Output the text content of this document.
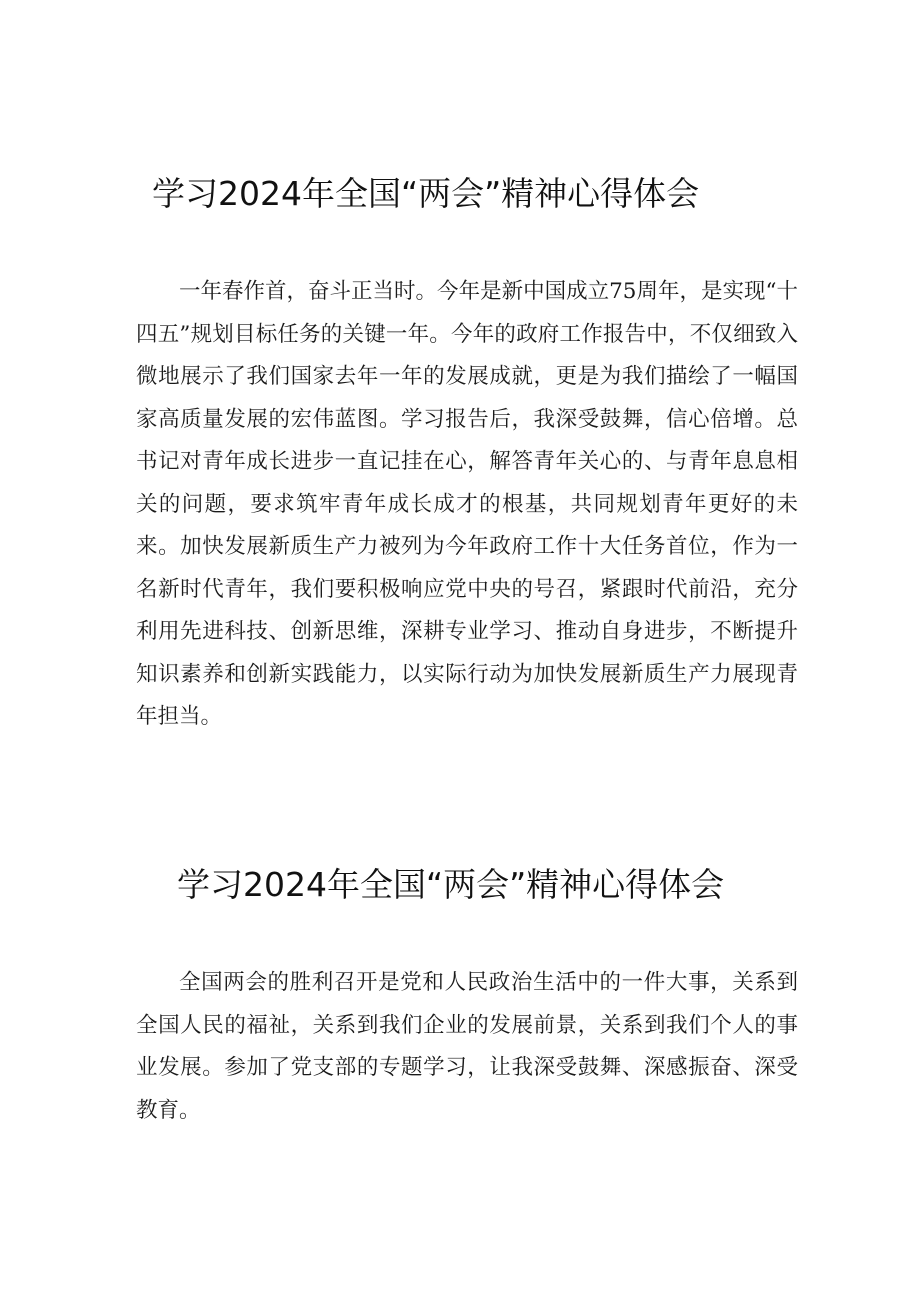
学习2024年全国“两会”精神心得体会

一年春作首，奋斗正当时。今年是新中国成立75周年，是实现“十四五”规划目标任务的关键一年。今年的政府工作报告中，不仅细致入微地展示了我们国家去年一年的发展成就，更是为我们描绘了一幅国家高质量发展的宏伟蓝图。学习报告后，我深受鼓舞，信心倍增。总书记对青年成长进步一直记挂在心，解答青年关心的、与青年息息相关的问题，要求筑牢青年成长成才的根基，共同规划青年更好的未来。加快发展新质生产力被列为今年政府工作十大任务首位，作为一名新时代青年，我们要积极响应党中央的号召，紧跟时代前沿，充分利用先进科技、创新思维，深耕专业学习、推动自身进步，不断提升知识素养和创新实践能力，以实际行动为加快发展新质生产力展现青年担当。

学习2024年全国“两会”精神心得体会

全国两会的胜利召开是党和人民政治生活中的一件大事，关系到全国人民的福祉，关系到我们企业的发展前景，关系到我们个人的事业发展。参加了党支部的专题学习，让我深受鼓舞、深感振奋、深受教育。
